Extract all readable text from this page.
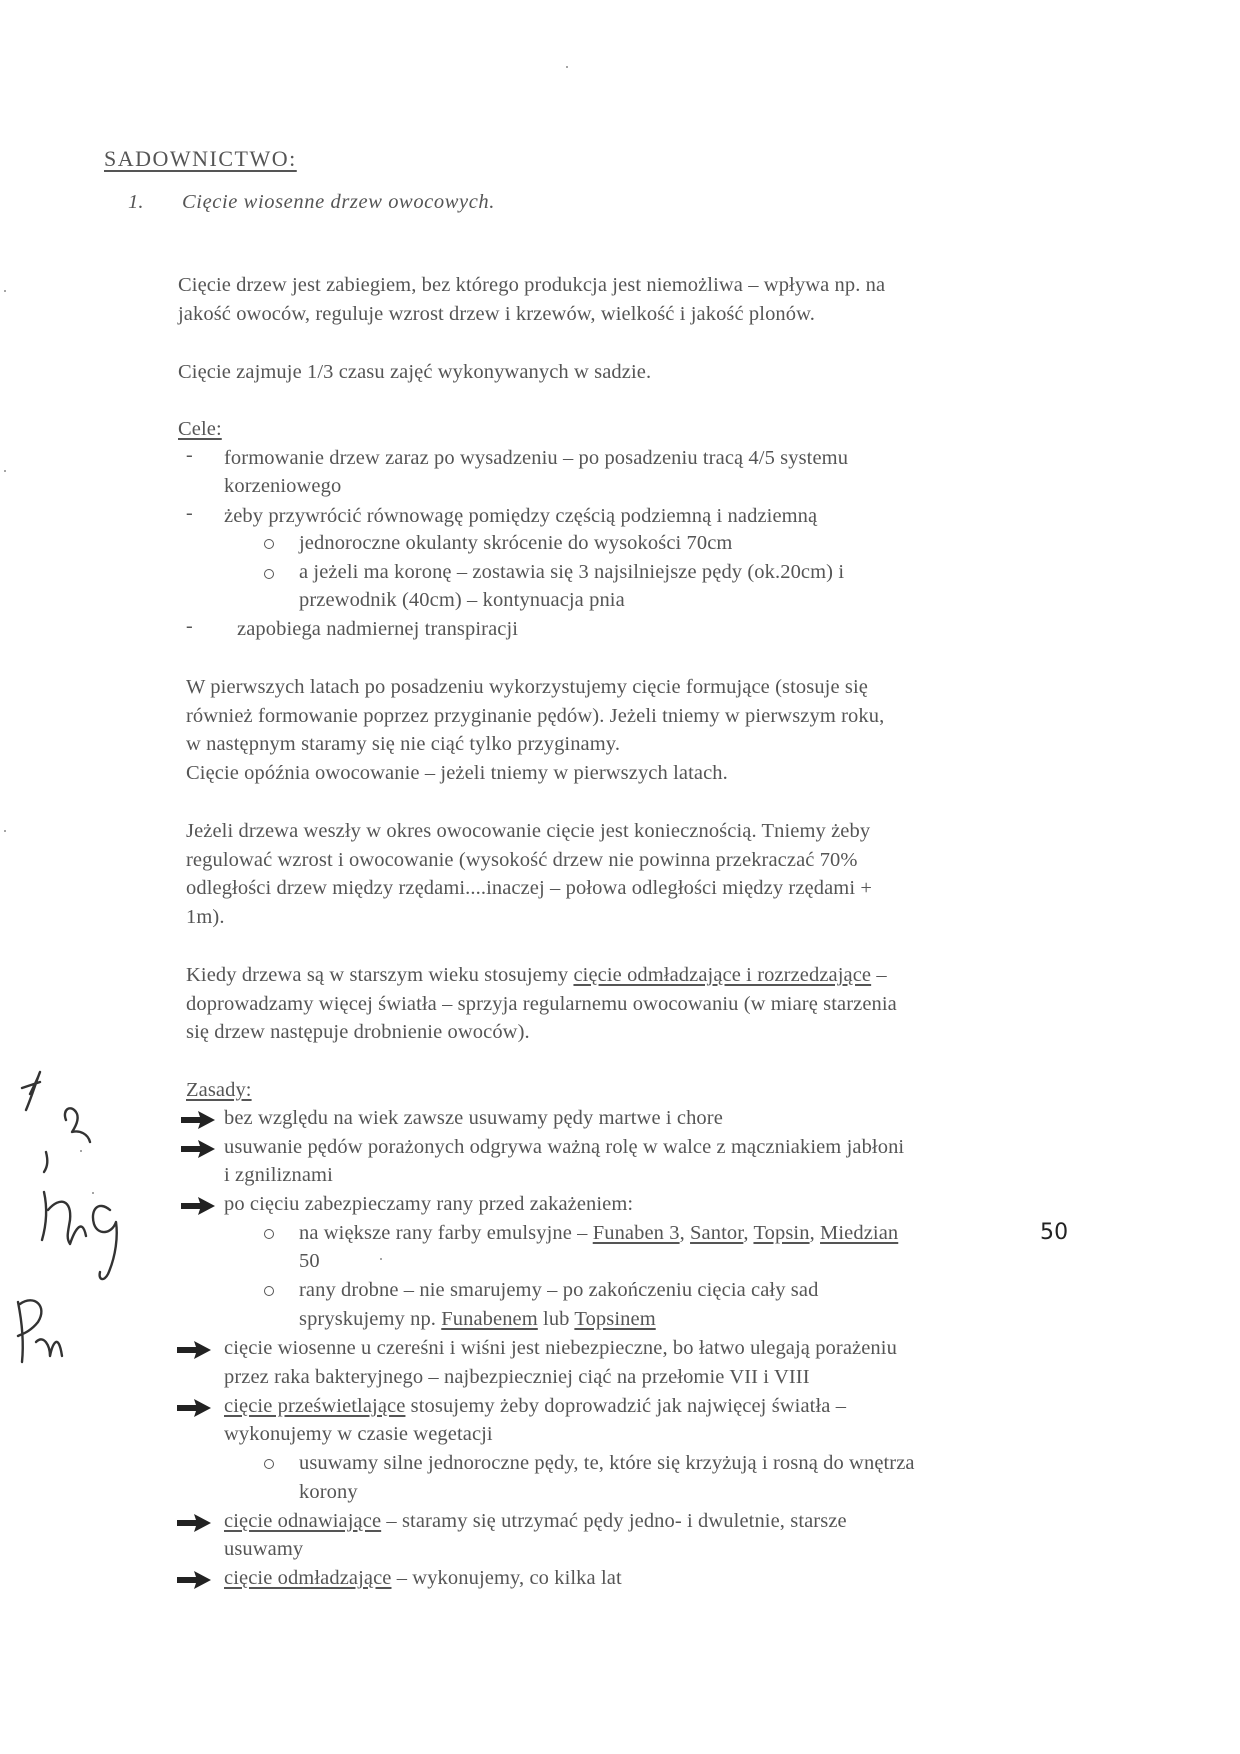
SADOWNICTWO:
1. Cięcie wiosenne drzew owocowych.
Cięcie drzew jest zabiegiem, bez którego produkcja jest niemożliwa – wpływa np. na
jakość owoców, reguluje wzrost drzew i krzewów, wielkość i jakość plonów.
Cięcie zajmuje 1/3 czasu zajęć wykonywanych w sadzie.
Cele:
- formowanie drzew zaraz po wysadzeniu – po posadzeniu tracą 4/5 systemu
korzeniowego
- żeby przywrócić równowagę pomiędzy częścią podziemną i nadziemną
jednoroczne okulanty skrócenie do wysokości 70cm
a jeżeli ma koronę – zostawia się 3 najsilniejsze pędy (ok.20cm) i
przewodnik (40cm) – kontynuacja pnia
- zapobiega nadmiernej transpiracji
W pierwszych latach po posadzeniu wykorzystujemy cięcie formujące (stosuje się
również formowanie poprzez przyginanie pędów). Jeżeli tniemy w pierwszym roku,
w następnym staramy się nie ciąć tylko przyginamy.
Cięcie opóźnia owocowanie – jeżeli tniemy w pierwszych latach.
Jeżeli drzewa weszły w okres owocowanie cięcie jest koniecznością. Tniemy żeby
regulować wzrost i owocowanie (wysokość drzew nie powinna przekraczać 70%
odległości drzew między rzędami....inaczej – połowa odległości między rzędami +
1m).
Kiedy drzewa są w starszym wieku stosujemy cięcie odmładzające i rozrzedzające –
doprowadzamy więcej światła – sprzyja regularnemu owocowaniu (w miarę starzenia
się drzew następuje drobnienie owoców).
Zasady:
bez względu na wiek zawsze usuwamy pędy martwe i chore
usuwanie pędów porażonych odgrywa ważną rolę w walce z mączniakiem jabłoni
i zgniliznami
po cięciu zabezpieczamy rany przed zakażeniem:
na większe rany farby emulsyjne – Funaben 3, Santor, Topsin, Miedzian	50
50
rany drobne – nie smarujemy – po zakończeniu cięcia cały sad
spryskujemy np. Funabenem lub Topsinem
cięcie wiosenne u czereśni i wiśni jest niebezpieczne, bo łatwo ulegają porażeniu
przez raka bakteryjnego – najbezpieczniej ciąć na przełomie VII i VIII
cięcie prześwietlające stosujemy żeby doprowadzić jak najwięcej światła –
wykonujemy w czasie wegetacji
usuwamy silne jednoroczne pędy, te, które się krzyżują i rosną do wnętrza
korony
cięcie odnawiające – staramy się utrzymać pędy jedno- i dwuletnie, starsze
usuwamy
cięcie odmładzające – wykonujemy, co kilka lat
